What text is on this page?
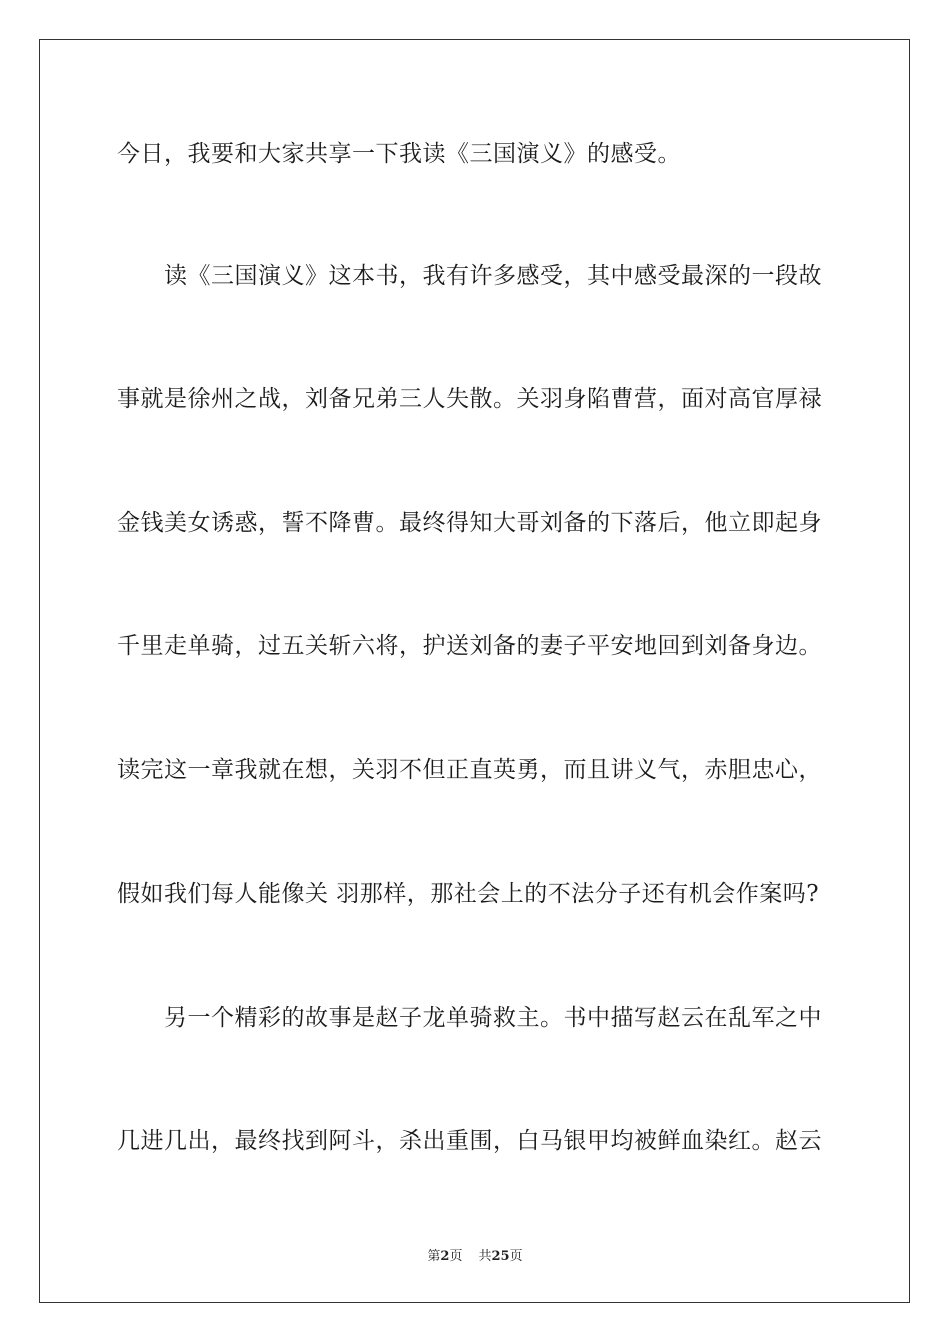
今日，我要和大家共享一下我读《三国演义》的感受。

读《三国演义》这本书，我有许多感受，其中感受最深的一段故

事就是徐州之战，刘备兄弟三人失散。关羽身陷曹营，面对高官厚禄

金钱美女诱惑，誓不降曹。最终得知大哥刘备的下落后，他立即起身

千里走单骑，过五关斩六将，护送刘备的妻子平安地回到刘备身边。

读完这一章我就在想，关羽不但正直英勇，而且讲义气，赤胆忠心，

假如我们每人能像关 羽那样，那社会上的不法分子还有机会作案吗?

另一个精彩的故事是赵子龙单骑救主。书中描写赵云在乱军之中

几进几出，最终找到阿斗，杀出重围，白马银甲均被鲜血染红。赵云

第2页 共25页
